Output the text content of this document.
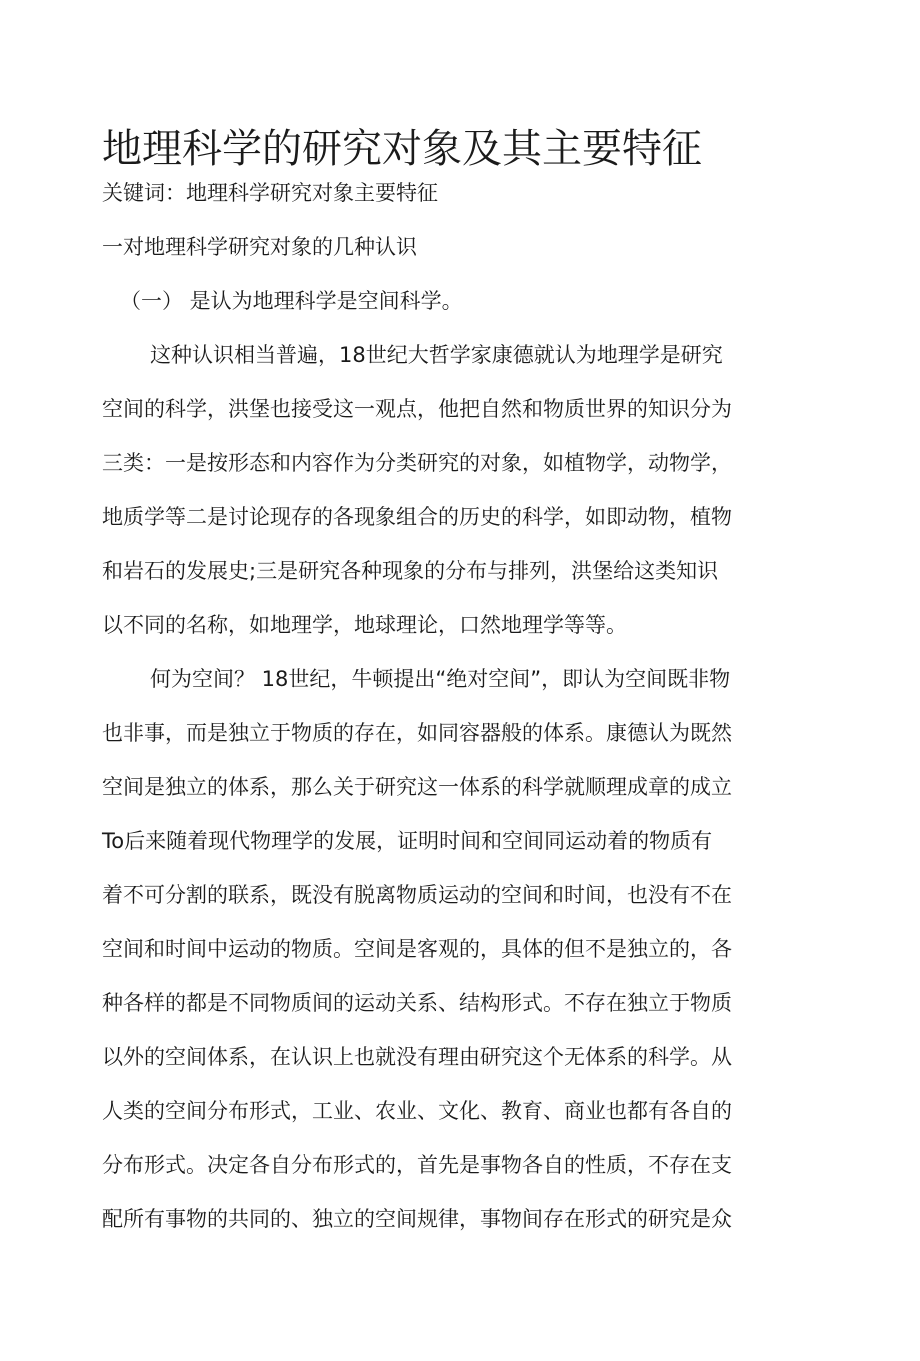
地理科学的研究对象及其主要特征
关键词：地理科学研究对象主要特征
一对地理科学研究对象的几种认识
（一） 是认为地理科学是空间科学。
这种认识相当普遍，18世纪大哲学家康德就认为地理学是研究
空间的科学，洪堡也接受这一观点，他把自然和物质世界的知识分为
三类：一是按形态和内容作为分类研究的对象，如植物学，动物学，
地质学等二是讨论现存的各现象组合的历史的科学，如即动物，植物
和岩石的发展史;三是研究各种现象的分布与排列，洪堡给这类知识
以不同的名称，如地理学，地球理论，口然地理学等等。
何为空间？ 18世纪，牛顿提出“绝对空间”，即认为空间既非物
也非事，而是独立于物质的存在，如同容器般的体系。康德认为既然
空间是独立的体系，那么关于研究这一体系的科学就顺理成章的成立
To后来随着现代物理学的发展，证明时间和空间同运动着的物质有
着不可分割的联系，既没有脱离物质运动的空间和时间，也没有不在
空间和时间中运动的物质。空间是客观的，具体的但不是独立的，各
种各样的都是不同物质间的运动关系、结构形式。不存在独立于物质
以外的空间体系，在认识上也就没有理由研究这个无体系的科学。从
人类的空间分布形式，工业、农业、文化、教育、商业也都有各自的
分布形式。决定各自分布形式的，首先是事物各自的性质，不存在支
配所有事物的共同的、独立的空间规律，事物间存在形式的研究是众
